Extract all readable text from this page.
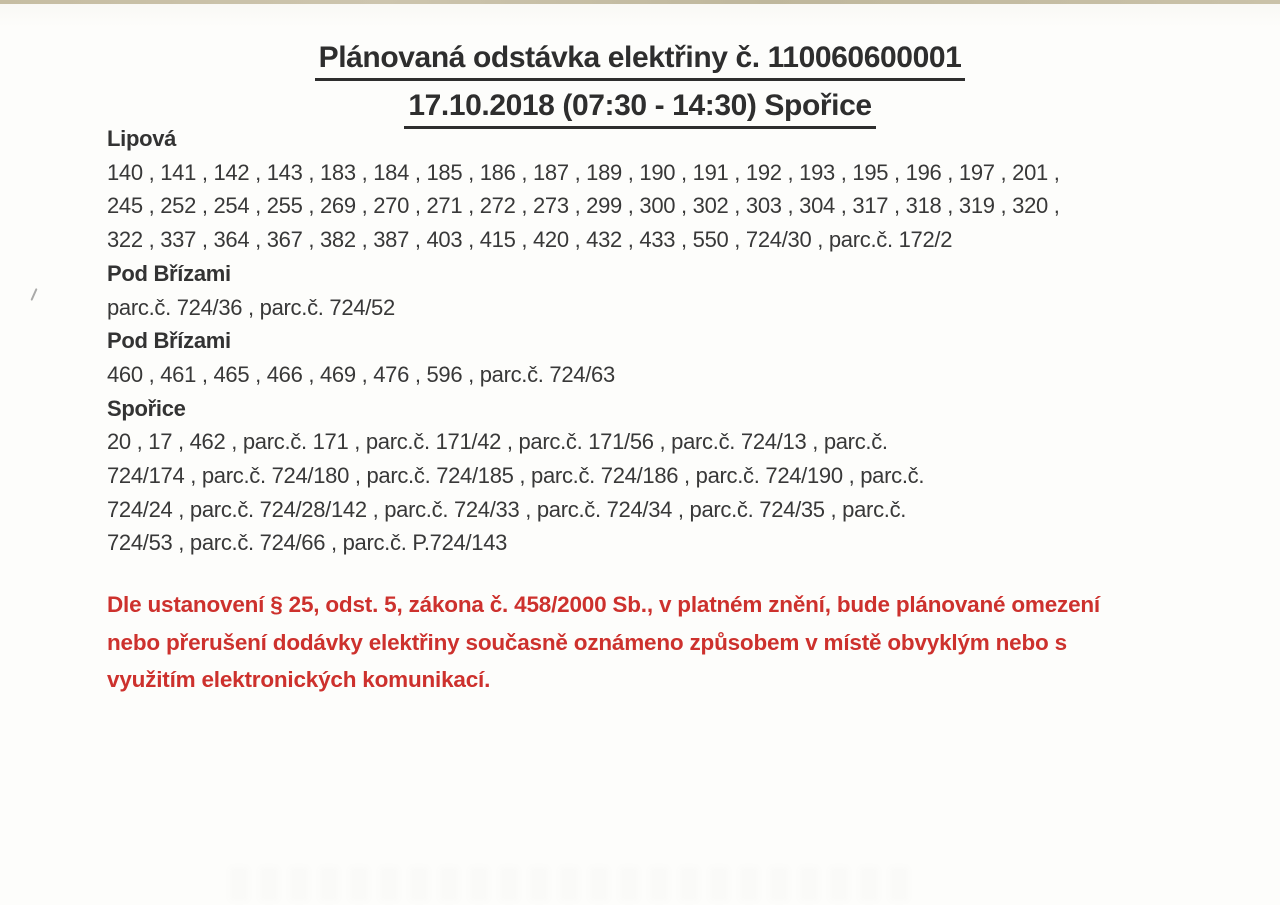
Plánovaná odstávka elektřiny č. 110060600001
17.10.2018 (07:30 - 14:30) Spořice
Lipová
140 , 141 , 142 , 143 , 183 , 184 , 185 , 186 , 187 , 189 , 190 , 191 , 192 , 193 , 195 , 196 , 197 , 201 ,
245 , 252 , 254 , 255 , 269 , 270 , 271 , 272 , 273 , 299 , 300 , 302 , 303 , 304 , 317 , 318 , 319 , 320 ,
322 , 337 , 364 , 367 , 382 , 387 , 403 , 415 , 420 , 432 , 433 , 550 , 724/30 , parc.č. 172/2
Pod Břízami
parc.č. 724/36 , parc.č. 724/52
Pod Břízami
460 , 461 , 465 , 466 , 469 , 476 , 596 , parc.č. 724/63
Spořice
20 , 17 , 462 , parc.č. 171 , parc.č. 171/42 , parc.č. 171/56 , parc.č. 724/13 , parc.č.
724/174 , parc.č. 724/180 , parc.č. 724/185 , parc.č. 724/186 , parc.č. 724/190 , parc.č.
724/24 , parc.č. 724/28/142 , parc.č. 724/33 , parc.č. 724/34 , parc.č. 724/35 , parc.č.
724/53 , parc.č. 724/66 , parc.č. P.724/143
Dle ustanovení § 25, odst. 5, zákona č. 458/2000 Sb., v platném znění, bude plánované omezení
nebo přerušení dodávky elektřiny současně oznámeno způsobem v místě obvyklým nebo s
využitím elektronických komunikací.
